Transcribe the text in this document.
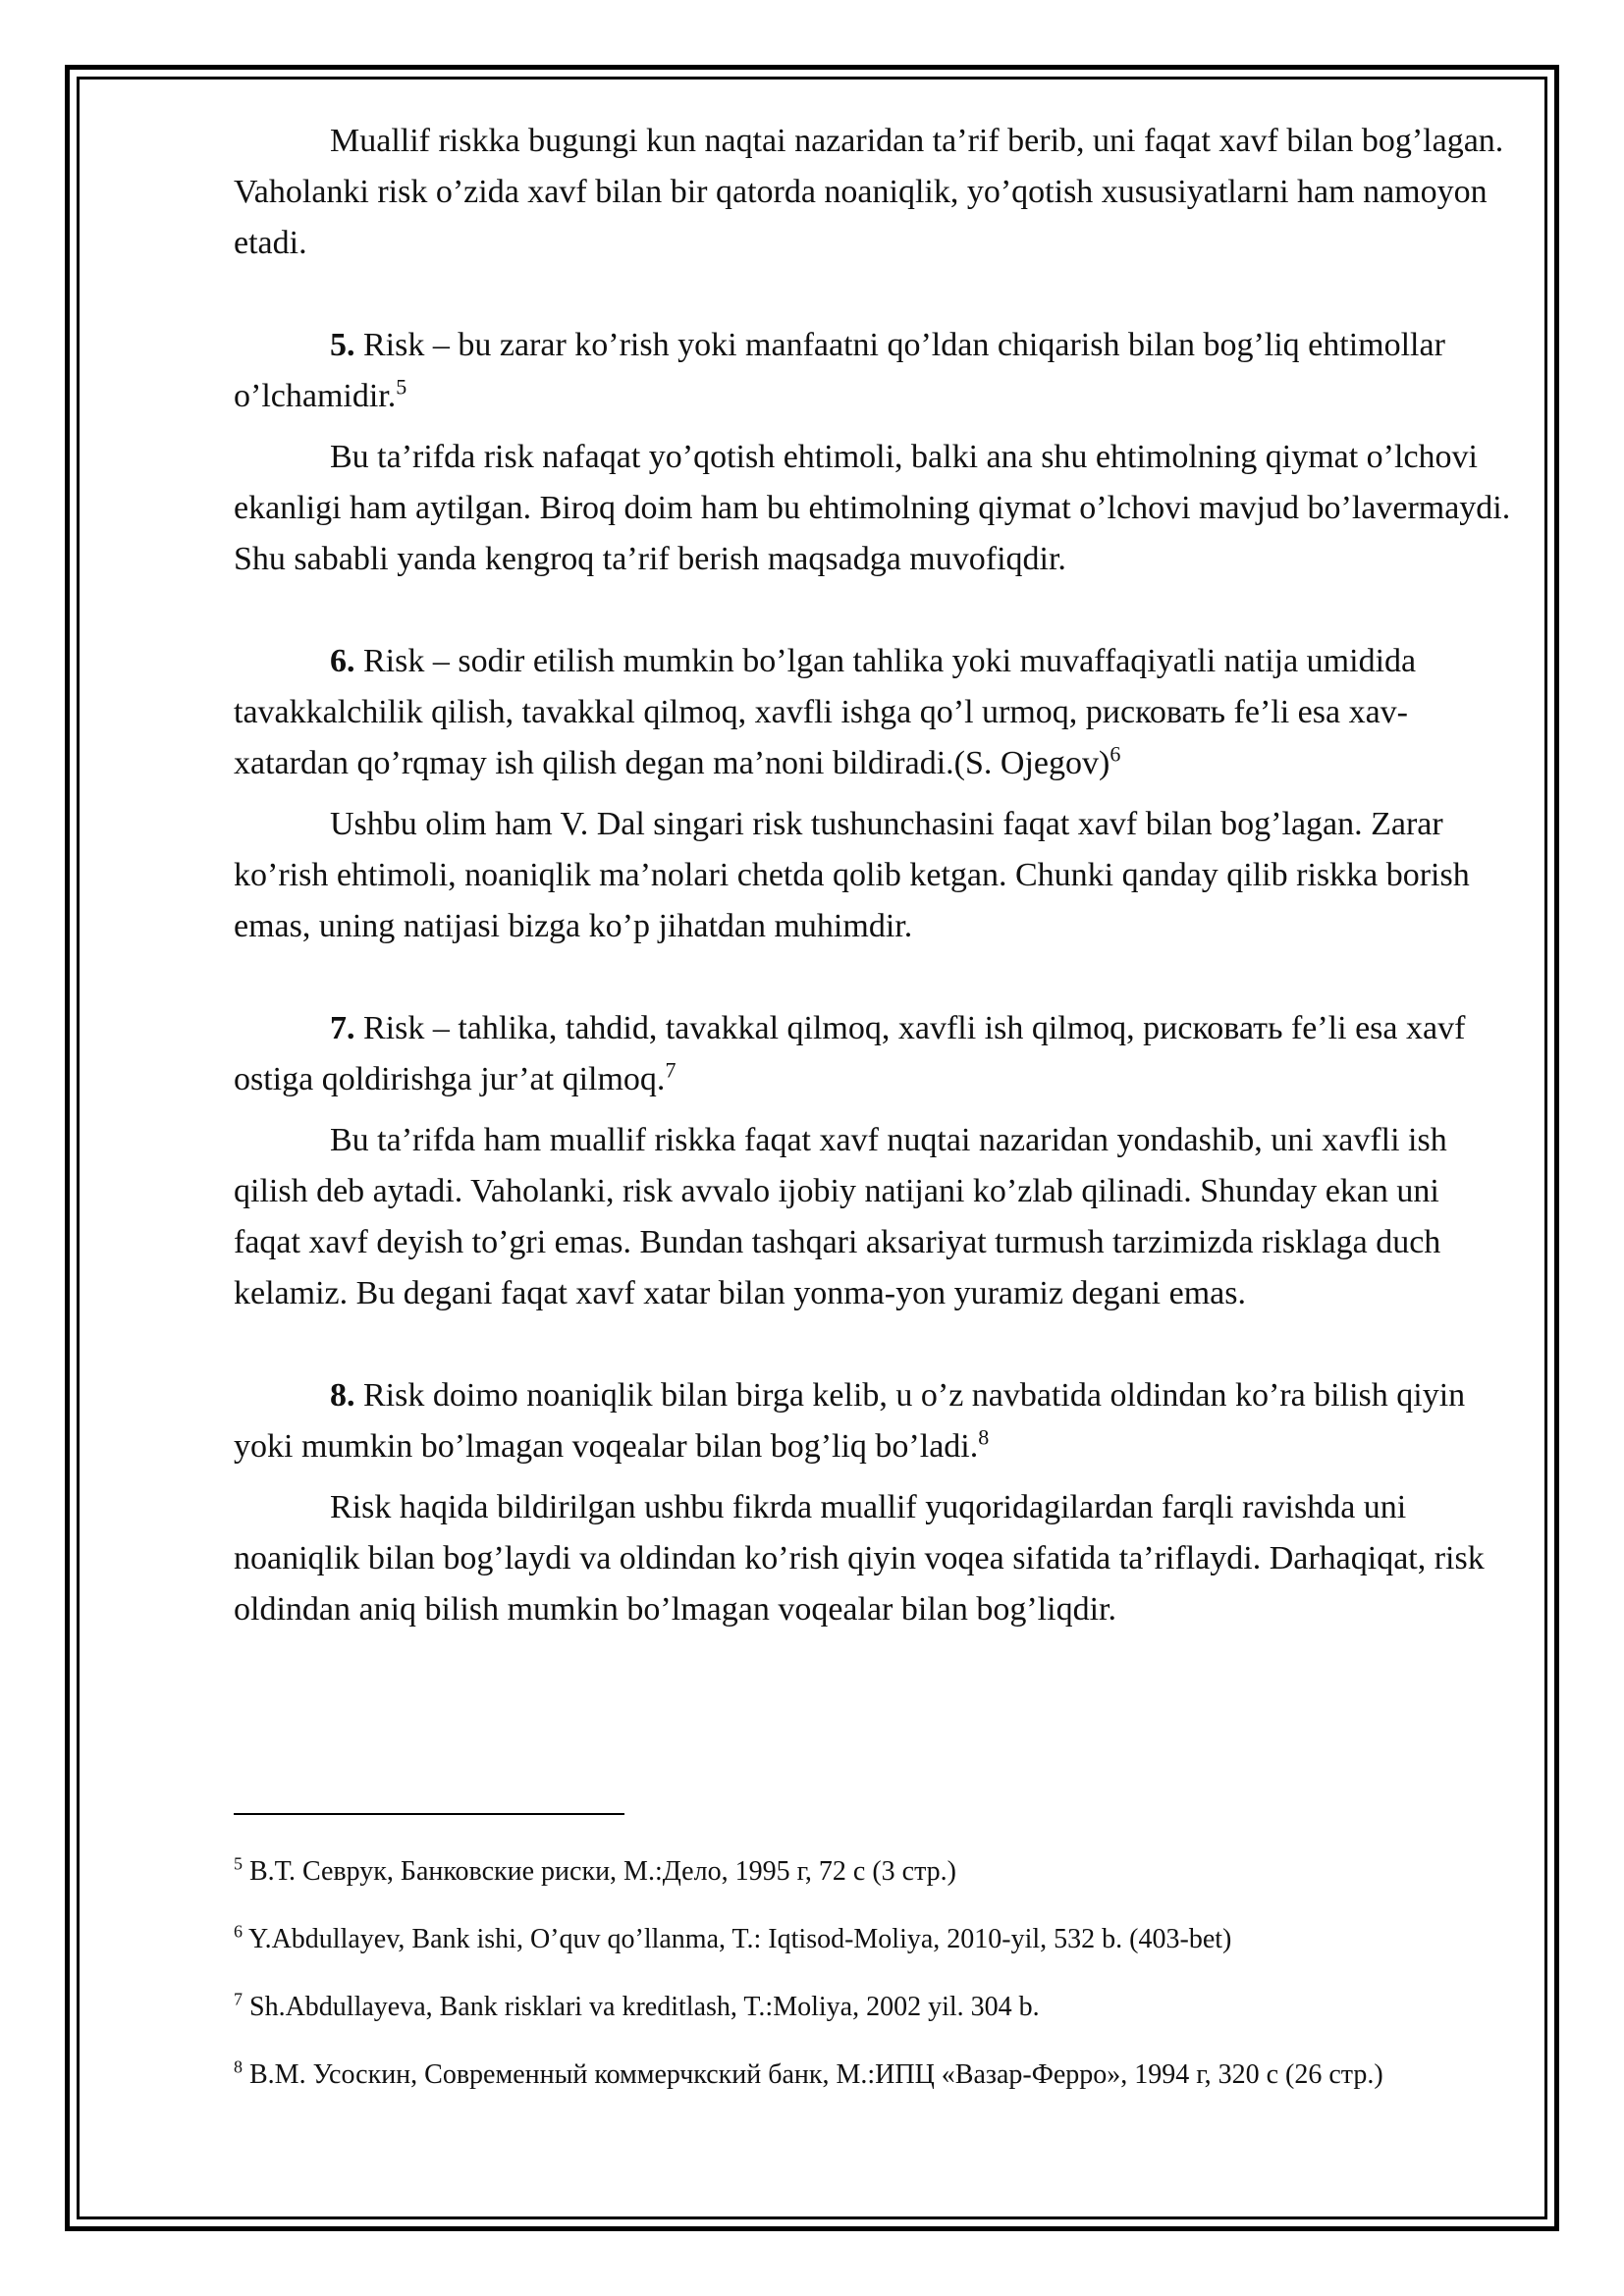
Muallif riskka bugungi kun naqtai nazaridan ta’rif berib, uni faqat xavf bilan bog’lagan. Vaholanki risk o’zida xavf bilan bir qatorda noaniqlik, yo’qotish xususiyatlarni ham namoyon etadi.

5. Risk – bu zarar ko’rish yoki manfaatni qo’ldan chiqarish bilan bog’liq ehtimollar o’lchamidir.$^5$

Bu ta’rifda risk nafaqat yo’qotish ehtimoli, balki ana shu ehtimolning qiymat o’lchovi ekanligi ham aytilgan. Biroq doim ham bu ehtimolning qiymat o’lchovi mavjud bo’lavermaydi. Shu sababli yanda kengroq ta’rif berish maqsadga muvofiqdir.

6. Risk – sodir etilish mumkin bo’lgan tahlika yoki muvaffaqiyatli natija umidida tavakkalchilik qilish, tavakkal qilmoq, xavfli ishga qo’l urmoq, рисковать fe’li esa xav-xatardan qo’rqmay ish qilish degan ma’noni bildiradi.(S. Ojegov)$^6$

Ushbu olim ham V. Dal singari risk tushunchasini faqat xavf bilan bog’lagan. Zarar ko’rish ehtimoli, noaniqlik ma’nolari chetda qolib ketgan. Chunki qanday qilib riskka borish emas, uning natijasi bizga ko’p jihatdan muhimdir.

7. Risk – tahlika, tahdid, tavakkal qilmoq, xavfli ish qilmoq, рисковать fe’li esa xavf ostiga qoldirishga jur’at qilmoq.$^7$

Bu ta’rifda ham muallif riskka faqat xavf nuqtai nazaridan yondashib, uni xavfli ish qilish deb aytadi. Vaholanki, risk avvalo ijobiy natijani ko’zlab qilinadi. Shunday ekan uni faqat xavf deyish to’gri emas. Bundan tashqari aksariyat turmush tarzimizda risklaga duch kelamiz. Bu degani faqat xavf xatar bilan yonma-yon yuramiz degani emas.

8. Risk doimo noaniqlik bilan birga kelib, u o’z navbatida oldindan ko’ra bilish qiyin yoki mumkin bo’lmagan voqealar bilan bog’liq bo’ladi.$^8$

Risk haqida bildirilgan ushbu fikrda muallif yuqoridagilardan farqli ravishda uni noaniqlik bilan bog’laydi va oldindan ko’rish qiyin voqea sifatida ta’riflaydi. Darhaqiqat, risk oldindan aniq bilish mumkin bo’lmagan voqealar bilan bog’liqdir.

$^5$ В.Т. Севрук, Банковские риски, М.:Дело, 1995 г, 72 с (3 стр.)

$^6$ Y.Abdullayev, Bank ishi, O’quv qo’llanma, T.: Iqtisod-Moliya, 2010-yil, 532 b. (403-bet)

$^7$ Sh.Abdullayeva, Bank risklari va kreditlash, T.:Moliya, 2002 yil. 304 b.

$^8$ В.М. Усоскин, Современный коммерчкский банк, М.:ИПЦ «Вазар-Ферро», 1994 г, 320 с (26 стр.)
